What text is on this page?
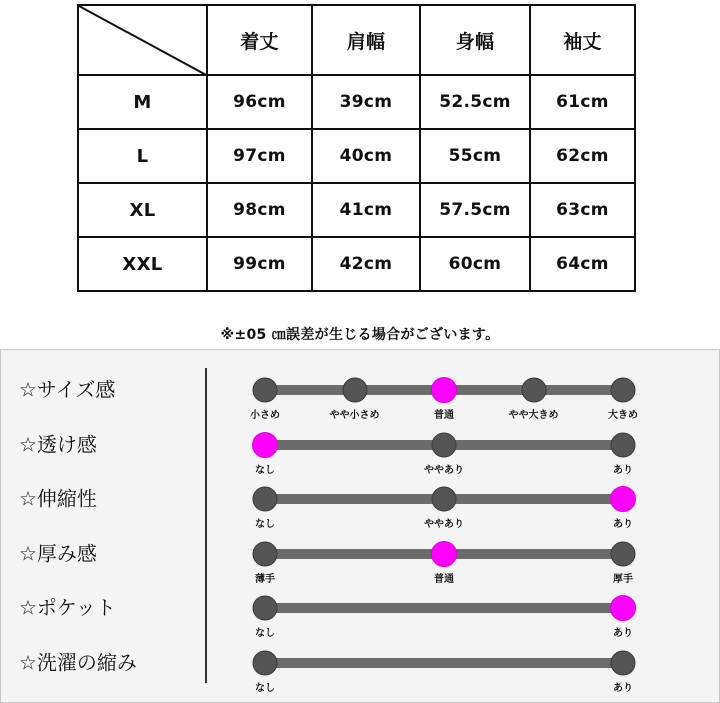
	着丈	肩幅	身幅	袖丈
M	96cm	39cm	52.5cm	61cm
L	97cm	40cm	55cm	62cm
XL	98cm	41cm	57.5cm	63cm
XXL	99cm	42cm	60cm	64cm
※±05 ㎝誤差が生じる場合がございます。
☆サイズ感
小さめ	やや小さめ	普通	やや大きめ	大きめ
☆透け感
なし	ややあり	あり
☆伸縮性
なし	ややあり	あり
☆厚み感
薄手	普通	厚手
☆ポケット
なし	あり
☆洗濯の縮み
なし	あり
